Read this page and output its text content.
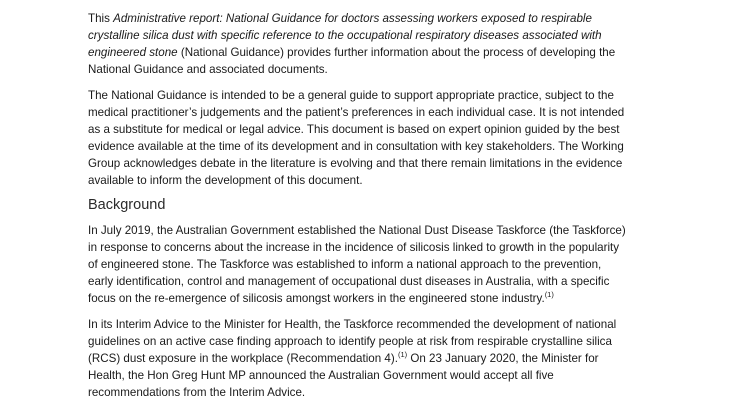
This Administrative report: National Guidance for doctors assessing workers exposed to respirable
crystalline silica dust with specific reference to the occupational respiratory diseases associated with
engineered stone (National Guidance) provides further information about the process of developing the
National Guidance and associated documents.
The National Guidance is intended to be a general guide to support appropriate practice, subject to the
medical practitioner’s judgements and the patient’s preferences in each individual case. It is not intended
as a substitute for medical or legal advice. This document is based on expert opinion guided by the best
evidence available at the time of its development and in consultation with key stakeholders. The Working
Group acknowledges debate in the literature is evolving and that there remain limitations in the evidence
available to inform the development of this document.
Background
In July 2019, the Australian Government established the National Dust Disease Taskforce (the Taskforce)
in response to concerns about the increase in the incidence of silicosis linked to growth in the popularity
of engineered stone. The Taskforce was established to inform a national approach to the prevention,
early identification, control and management of occupational dust diseases in Australia, with a specific
focus on the re-emergence of silicosis amongst workers in the engineered stone industry.$^{(1)}$
In its Interim Advice to the Minister for Health, the Taskforce recommended the development of national
guidelines on an active case finding approach to identify people at risk from respirable crystalline silica
(RCS) dust exposure in the workplace (Recommendation 4).$^{(1)}$ On 23 January 2020, the Minister for
Health, the Hon Greg Hunt MP announced the Australian Government would accept all five
recommendations from the Interim Advice.
